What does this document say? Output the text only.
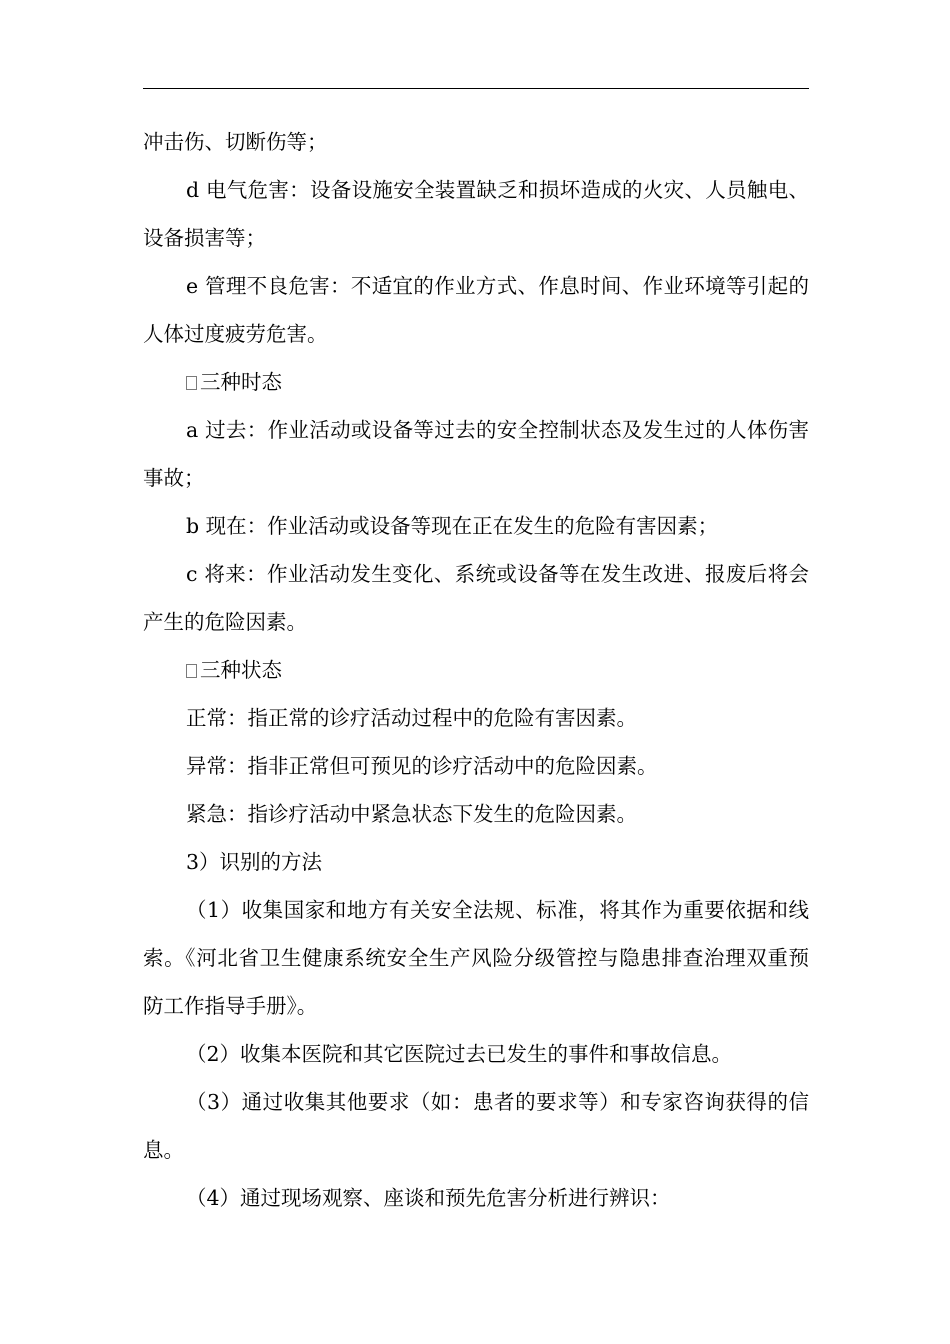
冲击伤、切断伤等；

d 电气危害：设备设施安全装置缺乏和损坏造成的火灾、人员触电、设备损害等；

e 管理不良危害：不适宜的作业方式、作息时间、作业环境等引起的人体过度疲劳危害。

三种时态

a 过去：作业活动或设备等过去的安全控制状态及发生过的人体伤害事故；

b 现在：作业活动或设备等现在正在发生的危险有害因素；

c 将来：作业活动发生变化、系统或设备等在发生改进、报废后将会产生的危险因素。

三种状态

正常：指正常的诊疗活动过程中的危险有害因素。

异常：指非正常但可预见的诊疗活动中的危险因素。

紧急：指诊疗活动中紧急状态下发生的危险因素。

3）识别的方法

（1）收集国家和地方有关安全法规、标准，将其作为重要依据和线索。《河北省卫生健康系统安全生产风险分级管控与隐患排查治理双重预防工作指导手册》。

（2）收集本医院和其它医院过去已发生的事件和事故信息。

（3）通过收集其他要求（如：患者的要求等）和专家咨询获得的信息。

（4）通过现场观察、座谈和预先危害分析进行辨识：
